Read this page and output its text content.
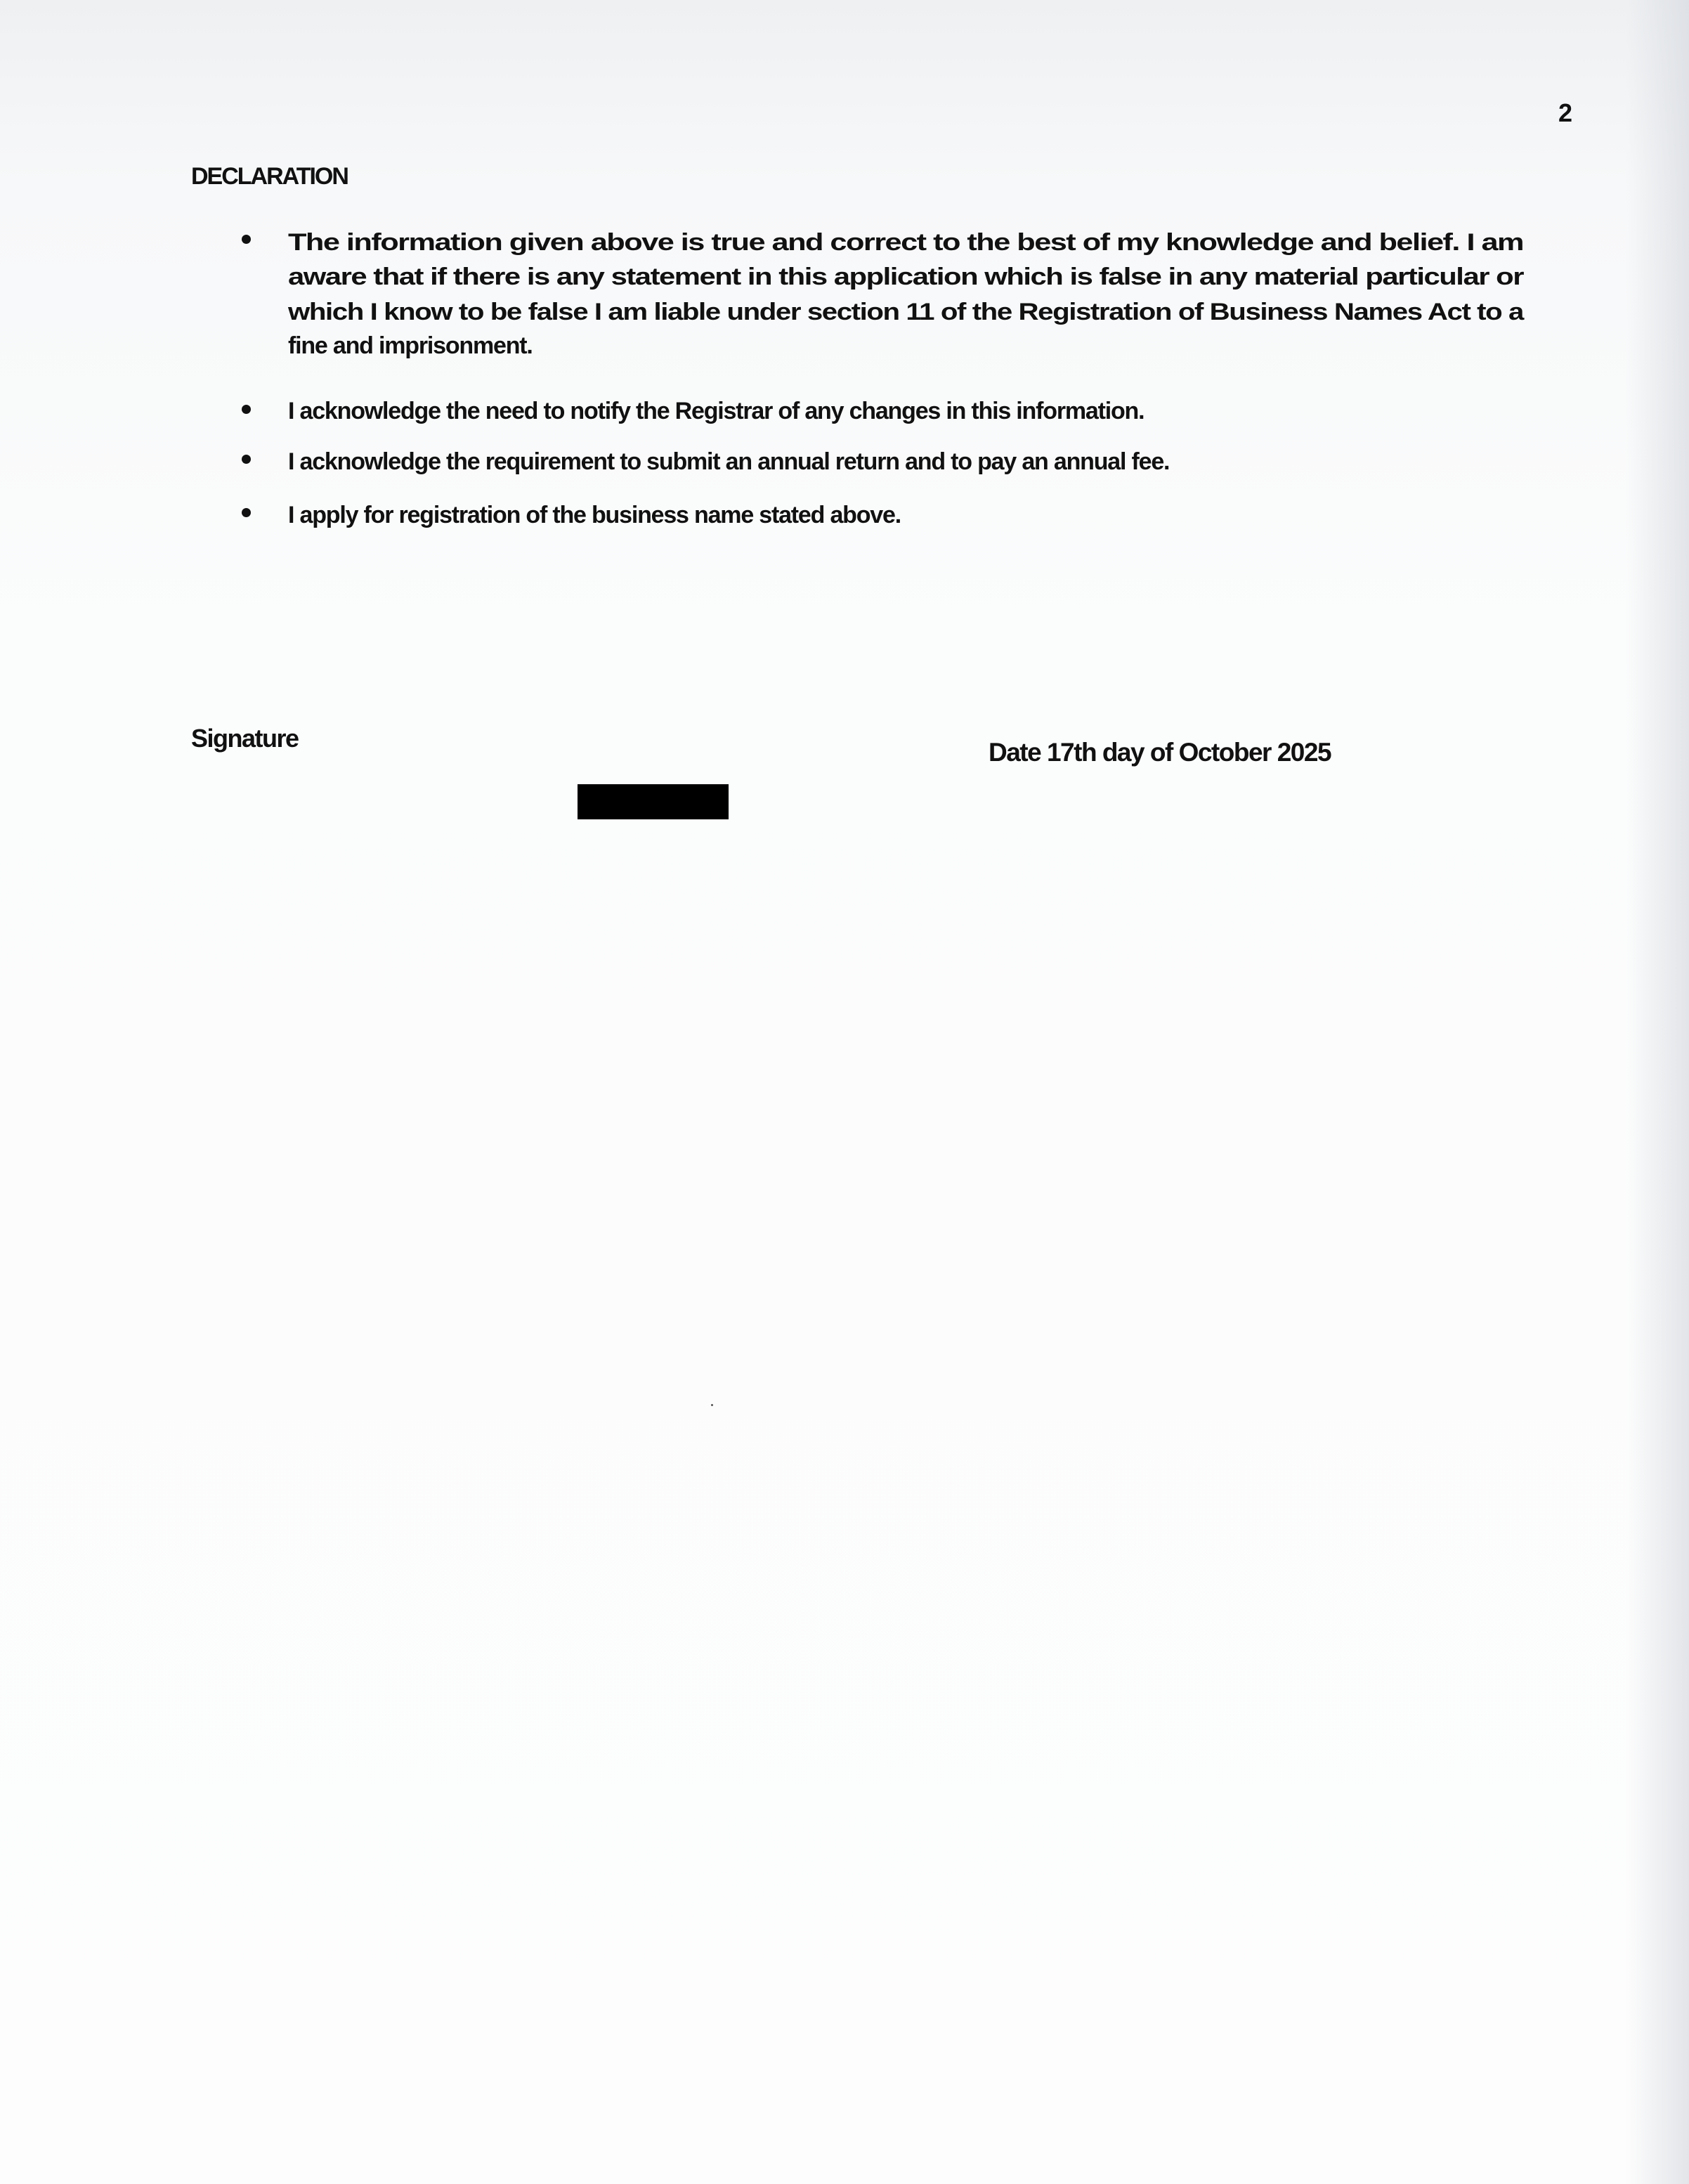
2
DECLARATION
The information given above is true and correct to the best of my knowledge and belief. I am
aware that if there is any statement in this application which is false in any material particular or
which I know to be false I am liable under section 11 of the Registration of Business Names Act to a
fine and imprisonment.
I acknowledge the need to notify the Registrar of any changes in this information.
I acknowledge the requirement to submit an annual return and to pay an annual fee.
I apply for registration of the business name stated above.
Signature	Date 17th day of October 2025
